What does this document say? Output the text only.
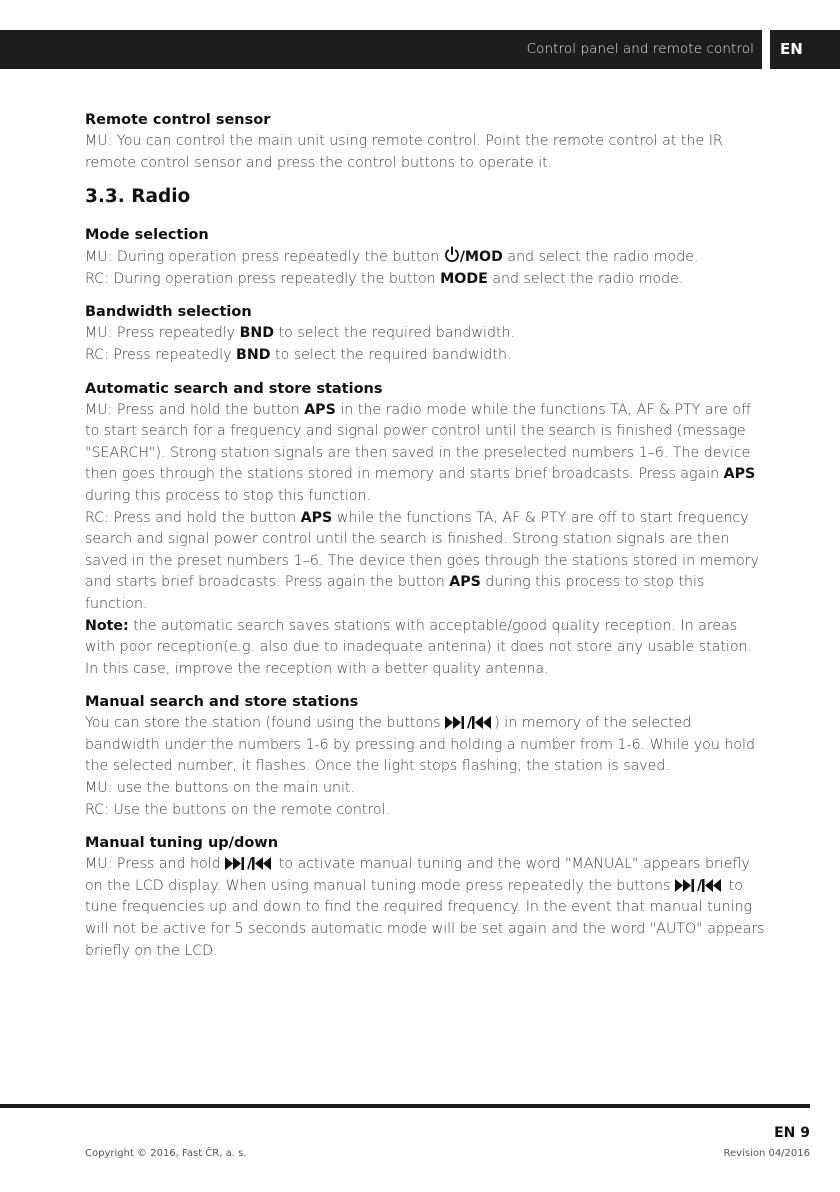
Control panel and remote control EN
Remote control sensor

MU: You can control the main unit using remote control. Point the remote control at the IR remote control sensor and press the control buttons to operate it.

3.3. Radio
Mode selection

MU: During operation press repeatedly the button /MOD and select the radio mode.

RC: During operation press repeatedly the button MODE and select the radio mode.

Bandwidth selection

MU: Press repeatedly BND to select the required bandwidth.

RC: Press repeatedly BND to select the required bandwidth.

Automatic search and store stations

MU: Press and hold the button APS in the radio mode while the functions TA, AF & PTY are off to start search for a frequency and signal power control until the search is finished (message "SEARCH"). Strong station signals are then saved in the preselected numbers 1–6. The device then goes through the stations stored in memory and starts brief broadcasts. Press again APS during this process to stop this function.

RC: Press and hold the button APS while the functions TA, AF & PTY are off to start frequency search and signal power control until the search is finished. Strong station signals are then saved in the preset numbers 1–6. The device then goes through the stations stored in memory and starts brief broadcasts. Press again the button APS during this process to stop this function.

Note: the automatic search saves stations with acceptable/good quality reception. In areas with poor reception(e.g. also due to inadequate antenna) it does not store any usable station. In this case, improve the reception with a better quality antenna.

Manual search and store stations

You can store the station (found using the buttons / ) in memory of the selected bandwidth under the numbers 1-6 by pressing and holding a number from 1-6. While you hold the selected number, it flashes. Once the light stops flashing, the station is saved.

MU: use the buttons on the main unit.

RC: Use the buttons on the remote control.

Manual tuning up/down

MU: Press and hold / to activate manual tuning and the word "MANUAL" appears briefly on the LCD display. When using manual tuning mode press repeatedly the buttons / to tune frequencies up and down to find the required frequency. In the event that manual tuning will not be active for 5 seconds automatic mode will be set again and the word "AUTO" appears briefly on the LCD.

EN 9
Copyright © 2016, Fast ČR, a. s.	Revision 04/2016
